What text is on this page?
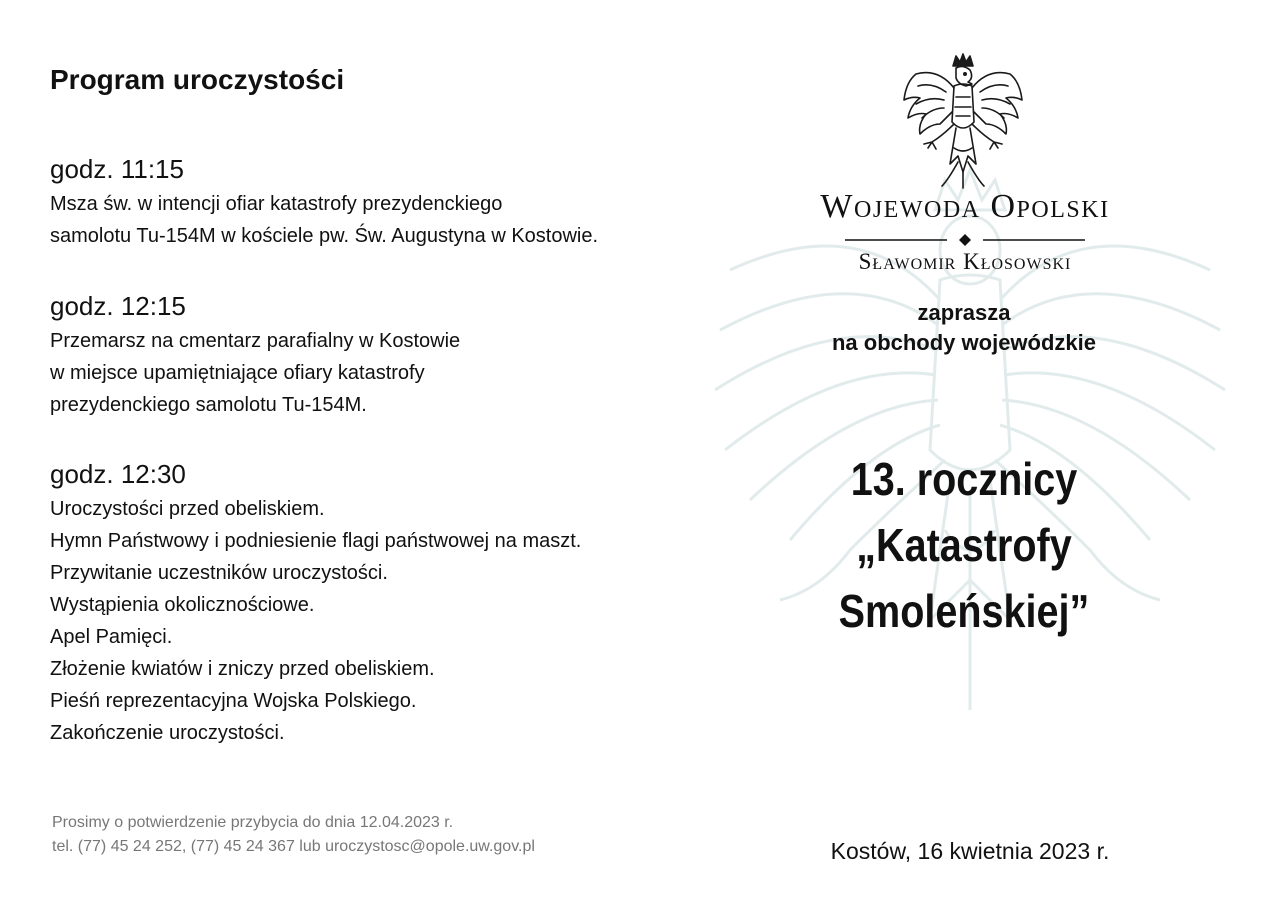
Program uroczystości
godz. 11:15
Msza św. w intencji ofiar katastrofy prezydenckiego
samolotu Tu-154M w kościele pw. Św. Augustyna w Kostowie.
godz. 12:15
Przemarsz na cmentarz parafialny w Kostowie
w miejsce upamiętniające ofiary katastrofy
prezydenckiego samolotu Tu-154M.
godz. 12:30
Uroczystości przed obeliskiem.
Hymn Państwowy i podniesienie flagi państwowej na maszt.
Przywitanie uczestników uroczystości.
Wystąpienia okolicznościowe.
Apel Pamięci.
Złożenie kwiatów i zniczy przed obeliskiem.
Pieśń reprezentacyjna Wojska Polskiego.
Zakończenie uroczystości.
Prosimy o potwierdzenie przybycia do dnia 12.04.2023 r.
tel. (77) 45 24 252, (77) 45 24 367 lub uroczystosc@opole.uw.gov.pl
Wojewoda Opolski
Sławomir Kłosowski
zaprasza
na obchody wojewódzkie
13. rocznicy
„Katastrofy Smoleńskiej”
Kostów, 16 kwietnia 2023 r.
